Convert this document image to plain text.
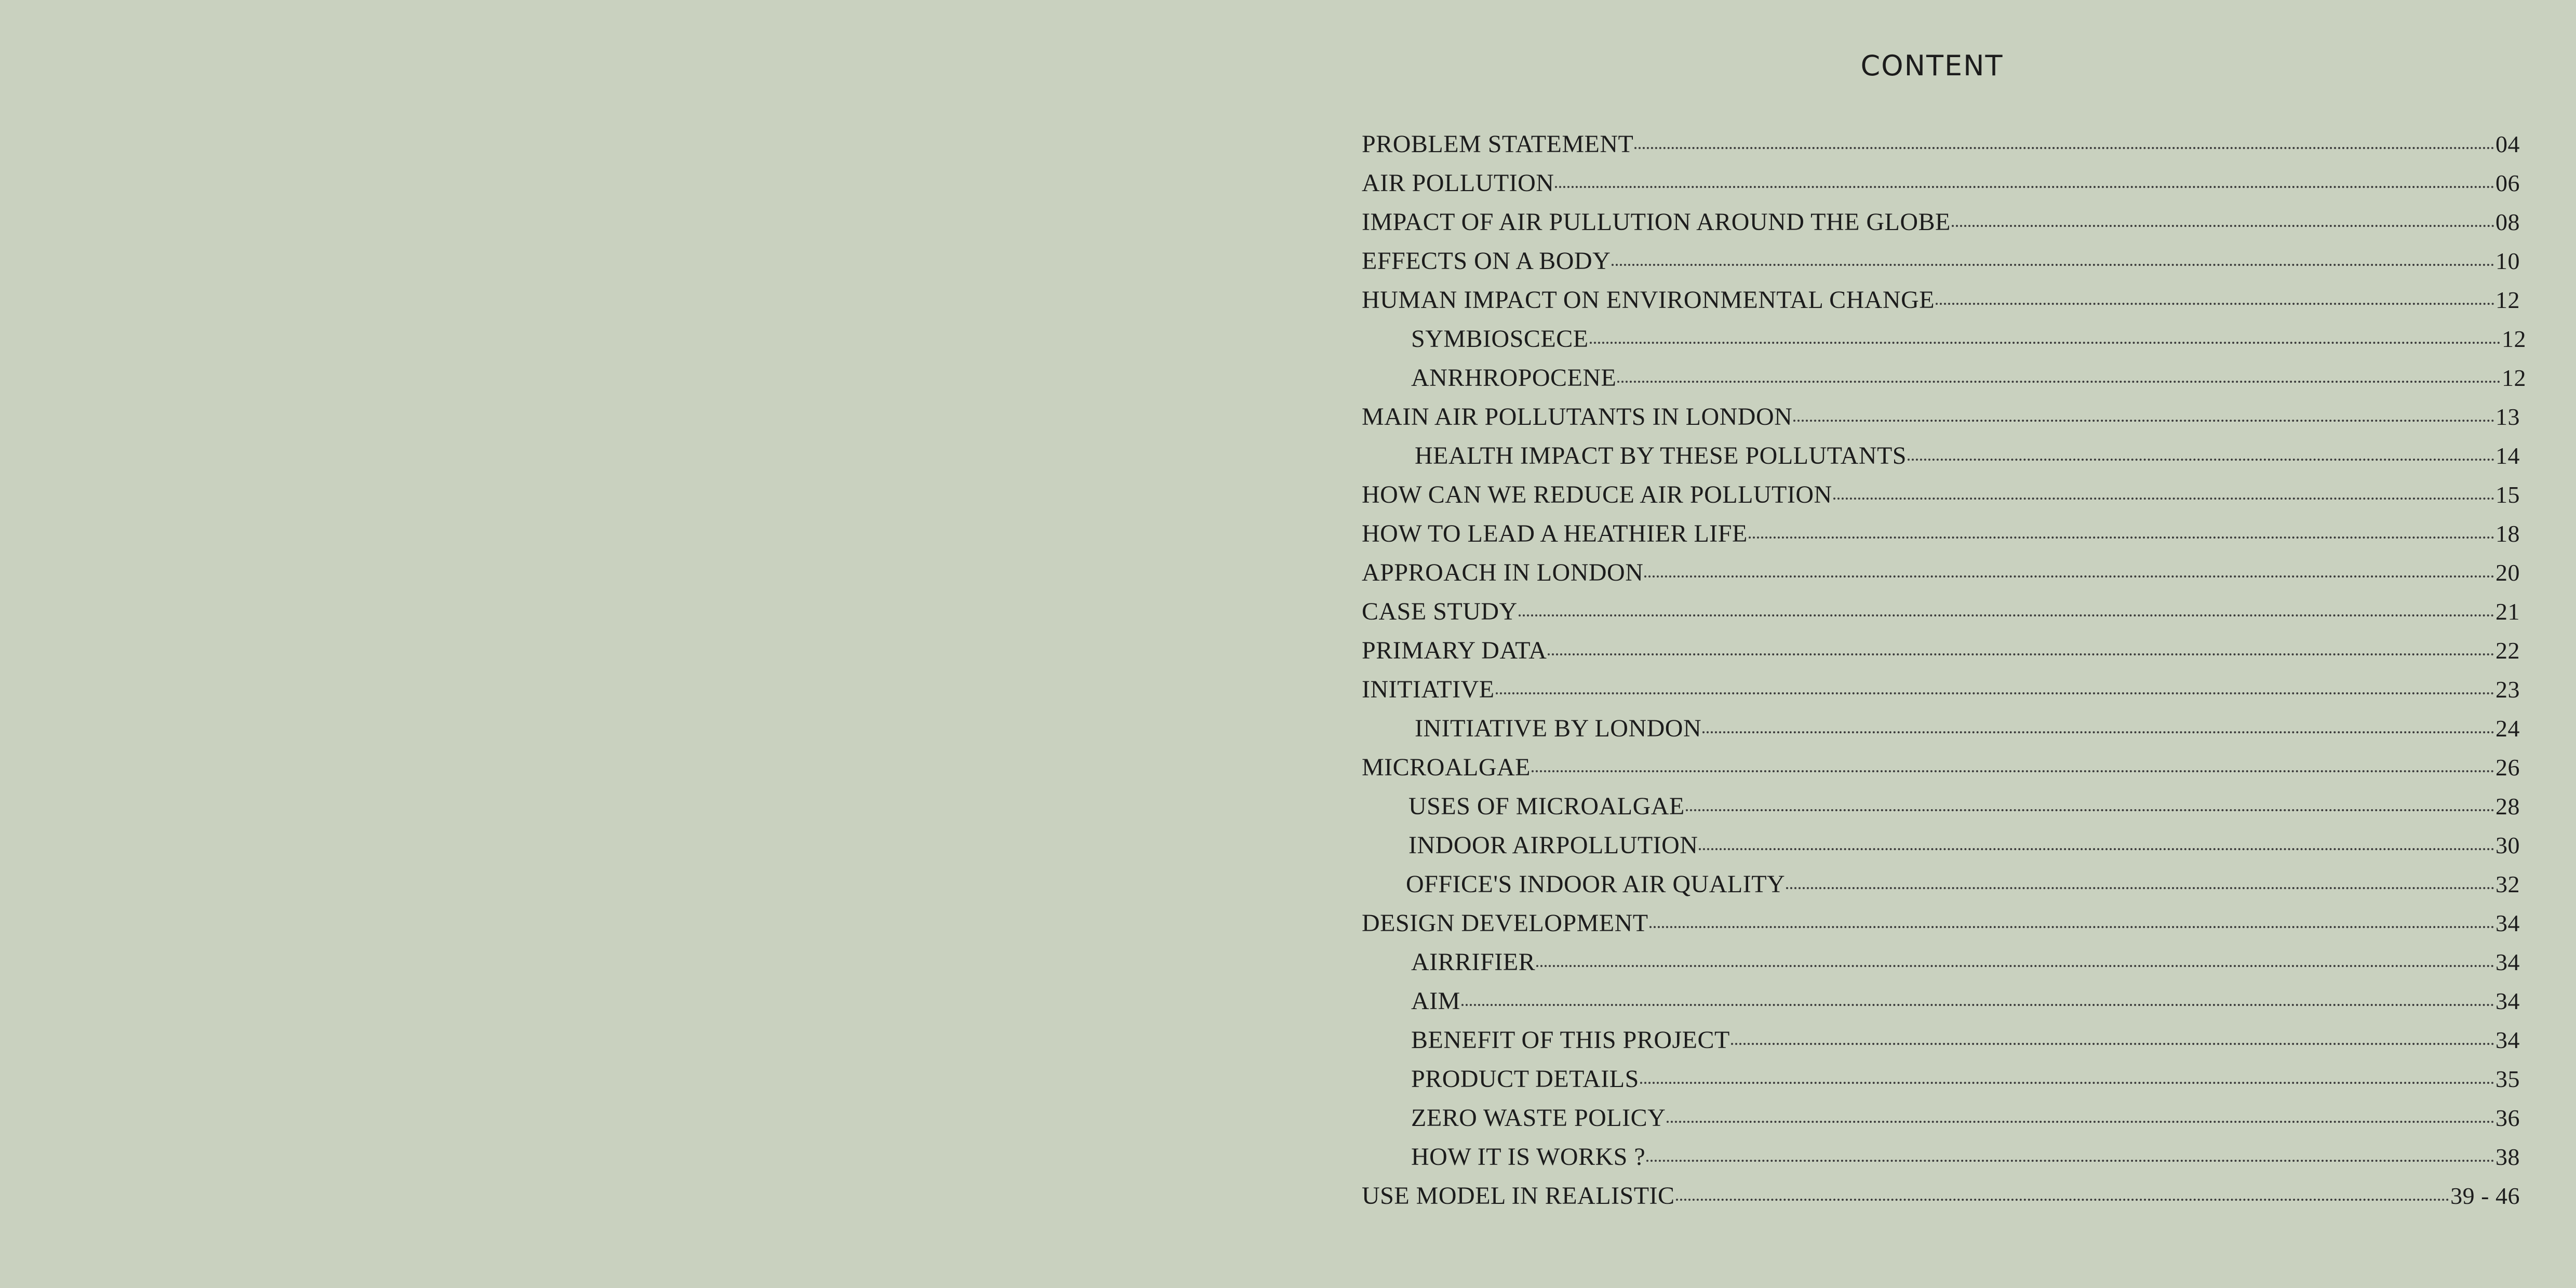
CONTENT
PROBLEM STATEMENT	04
AIR POLLUTION	06
IMPACT OF AIR PULLUTION AROUND THE GLOBE	08
EFFECTS ON A BODY	10
HUMAN IMPACT ON ENVIRONMENTAL CHANGE	12
SYMBIOSCECE	12
ANRHROPOCENE	12
MAIN AIR POLLUTANTS IN LONDON	13
HEALTH IMPACT BY THESE POLLUTANTS	14
HOW CAN WE REDUCE AIR POLLUTION	15
HOW TO LEAD A HEATHIER LIFE	18
APPROACH IN LONDON	20
CASE STUDY	21
PRIMARY DATA	22
INITIATIVE	23
INITIATIVE BY LONDON	24
MICROALGAE	26
USES OF MICROALGAE	28
INDOOR AIRPOLLUTION	30
OFFICE'S INDOOR AIR QUALITY	32
DESIGN DEVELOPMENT	34
AIRRIFIER	34
AIM	34
BENEFIT OF THIS PROJECT	34
PRODUCT DETAILS	35
ZERO WASTE POLICY	36
HOW IT IS WORKS ?	38
USE MODEL IN REALISTIC	39 - 46
